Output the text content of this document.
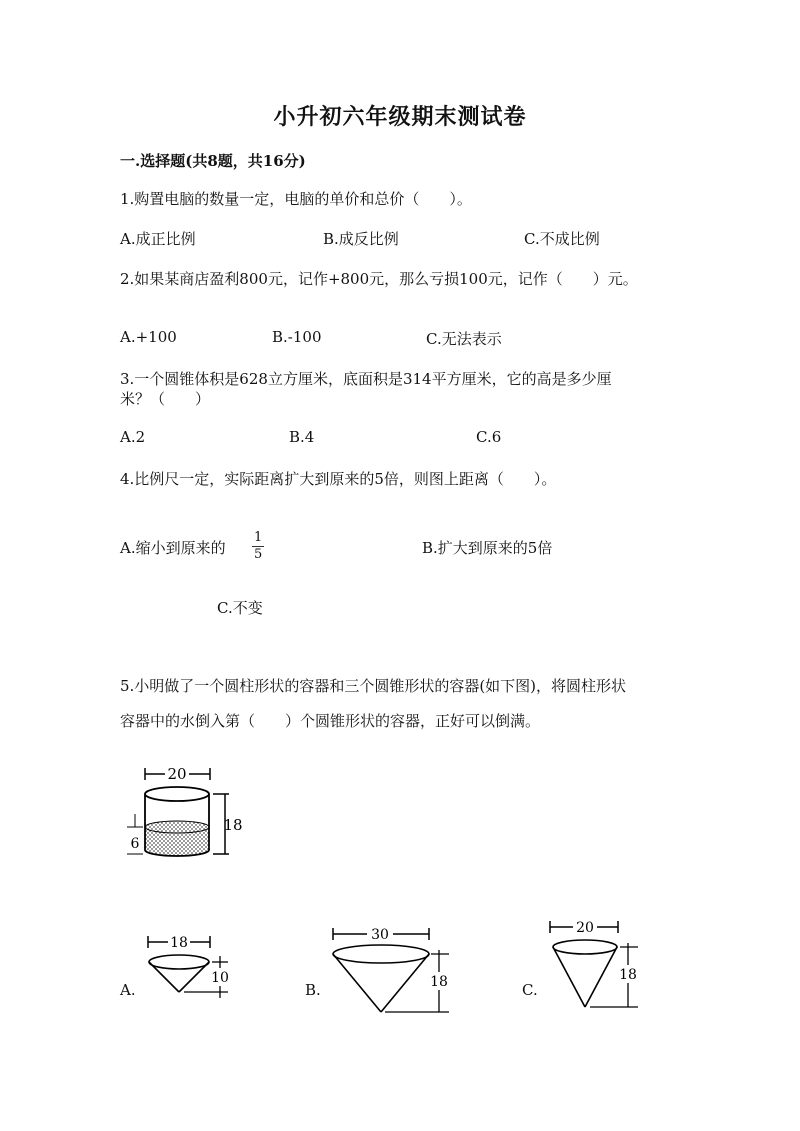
小升初六年级期末测试卷
一.选择题(共8题，共16分)
1.购置电脑的数量一定，电脑的单价和总价（　　）。
A.成正比例	B.成反比例	C.不成比例
2.如果某商店盈利800元，记作+800元，那么亏损100元，记作（　　）元。
A.+100	B.-100	C.无法表示
3.一个圆锥体积是628立方厘米，底面积是314平方厘米，它的高是多少厘
米？（　　）
A.2	B.4	C.6
4.比例尺一定，实际距离扩大到原来的5倍，则图上距离（　　）。
A.缩小到原来的 $\frac{1}{5}$	B.扩大到原来的5倍
C.不变
5.小明做了一个圆柱形状的容器和三个圆锥形状的容器(如下图)，将圆柱形状
容器中的水倒入第（　　）个圆锥形状的容器，正好可以倒满。
20
18
6
A.
18
10
B.
30
18	C.
20
18
